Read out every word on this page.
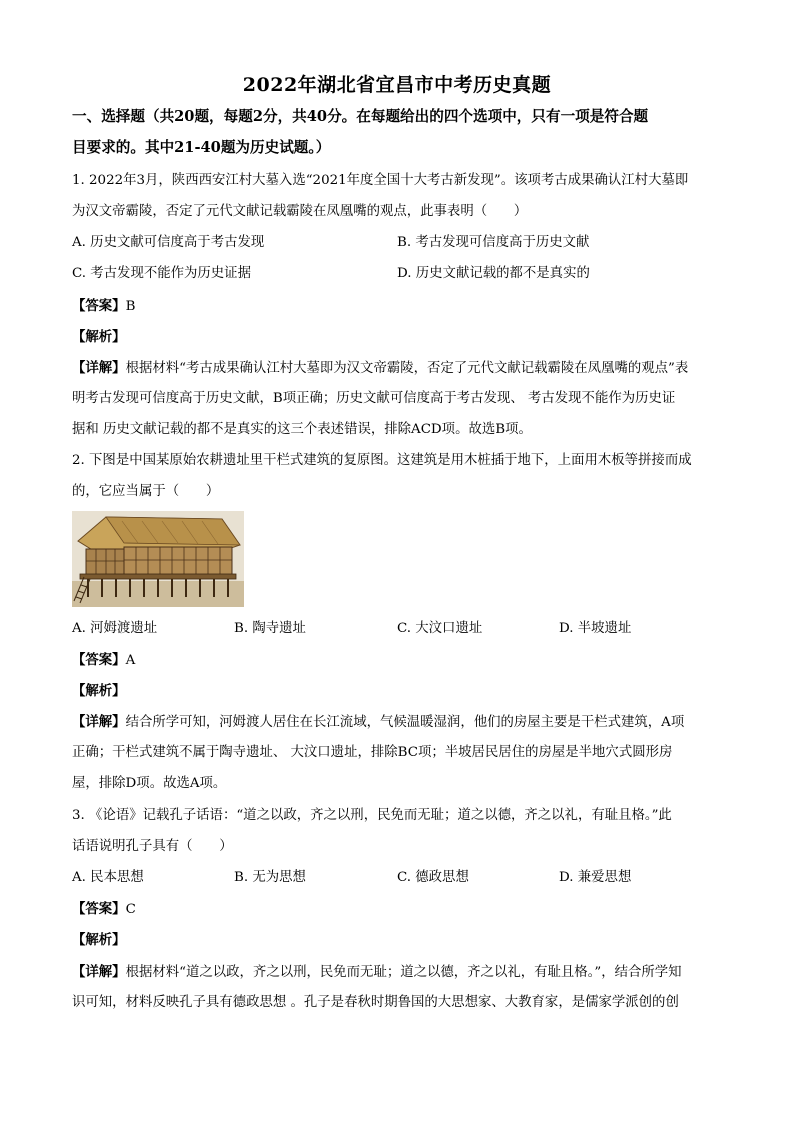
2022年湖北省宜昌市中考历史真题
一、选择题（共20题，每题2分，共40分。在每题给出的四个选项中，只有一项是符合题
目要求的。其中21-40题为历史试题。）
1. 2022年3月，陕西西安江村大墓入选“2021年度全国十大考古新发现”。该项考古成果确认江村大墓即
为汉文帝霸陵，否定了元代文献记载霸陵在凤凰嘴的观点，此事表明（　　）
A. 历史文献可信度高于考古发现	B. 考古发现可信度高于历史文献
C. 考古发现不能作为历史证据	D. 历史文献记载的都不是真实的
【答案】B
【解析】
【详解】根据材料“考古成果确认江村大墓即为汉文帝霸陵，否定了元代文献记载霸陵在凤凰嘴的观点”表
明考古发现可信度高于历史文献，B项正确；历史文献可信度高于考古发现、 考古发现不能作为历史证
据和 历史文献记载的都不是真实的这三个表述错误，排除ACD项。故选B项。
2. 下图是中国某原始农耕遗址里干栏式建筑的复原图。这建筑是用木桩插于地下，上面用木板等拼接而成
的，它应当属于（　　）
A. 河姆渡遗址	B. 陶寺遗址	C. 大汶口遗址	D. 半坡遗址
【答案】A
【解析】
【详解】结合所学可知，河姆渡人居住在长江流域，气候温暖湿润，他们的房屋主要是干栏式建筑，A项
正确；干栏式建筑不属于陶寺遗址、 大汶口遗址，排除BC项；半坡居民居住的房屋是半地穴式圆形房
屋，排除D项。故选A项。
3. 《论语》记载孔子话语：“道之以政，齐之以刑，民免而无耻；道之以德，齐之以礼，有耻且格。”此
话语说明孔子具有（　　）
A. 民本思想	B. 无为思想	C. 德政思想	D. 兼爱思想
【答案】C
【解析】
【详解】根据材料“道之以政，齐之以刑，民免而无耻；道之以德，齐之以礼，有耻且格。”，结合所学知
识可知，材料反映孔子具有德政思想 。孔子是春秋时期鲁国的大思想家、大教育家，是儒家学派创的创
